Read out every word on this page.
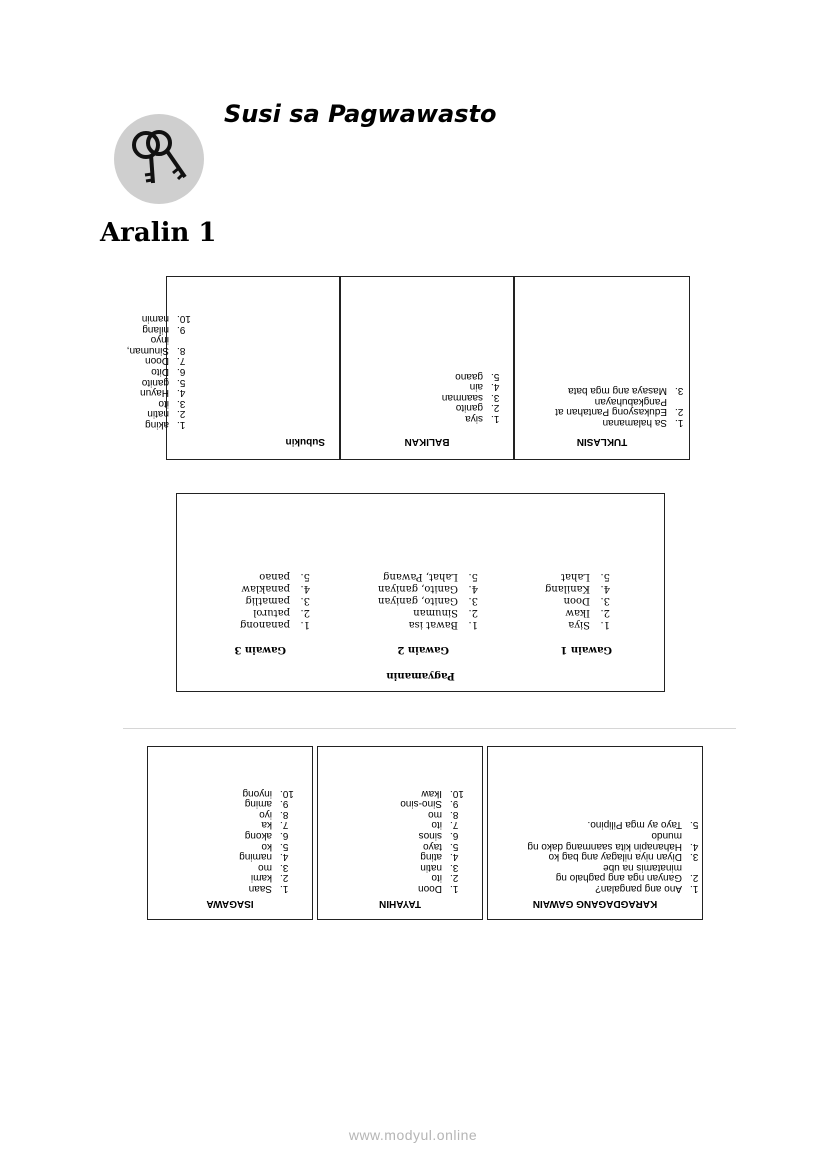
Susi sa Pagwawasto
Aralin 1
Subukin
1.
aking
2.
natin
3.
ito
4.
Hayun
5.
ganito
6.
Dito
7.
Doon
8.
Sinuman, inyo
9.
nilang
10.
namin
BALIKAN
1.
siya
2.
ganito
3.
saanman
4.
ain
5.
gaano
TUKLASIN
1.
Sa halamanan
2.
Edukasyong Pantahan at
Pangkabuhayan
3.
Masaya ang mga bata
Pagyamanin
Gawain 1
Gawain 2
Gawain 3
1.
Siya
2.
Ikaw
3.
Doon
4.
Kanilang
5.
Lahat
1.
Bawat isa
2.
Sinuman
3.
Ganito, ganiyan
4.
Ganito, ganiyan
5.
Lahat, Pawang
1.
pananong
2.
paturol
3.
pamatlig
4.
panaklaw
5.
panao
ISAGAWA
1.
Saan
2.
kami
3.
mo
4.
naming
5.
ko
6.
akong
7.
ka
8.
iyo
9.
aming
10.
inyong
TAYAHIN
1.
Doon
2.
ito
3.
natin
4.
ating
5.
tayo
6.
sinos
7.
ito
8.
mo
9.
Sino-sino
10.
Ikaw
KARAGDAGANG GAWAIN
1.
Ano ang pangalan?
2.
Ganyan nga ang paghalo ng
minatamis na ube
3.
Diyan niya nilagay ang bag ko
4.
Hahanapin kita saanmang dako ng
mundo
5.
Tayo ay mga Pilipino.
www.modyul.online
